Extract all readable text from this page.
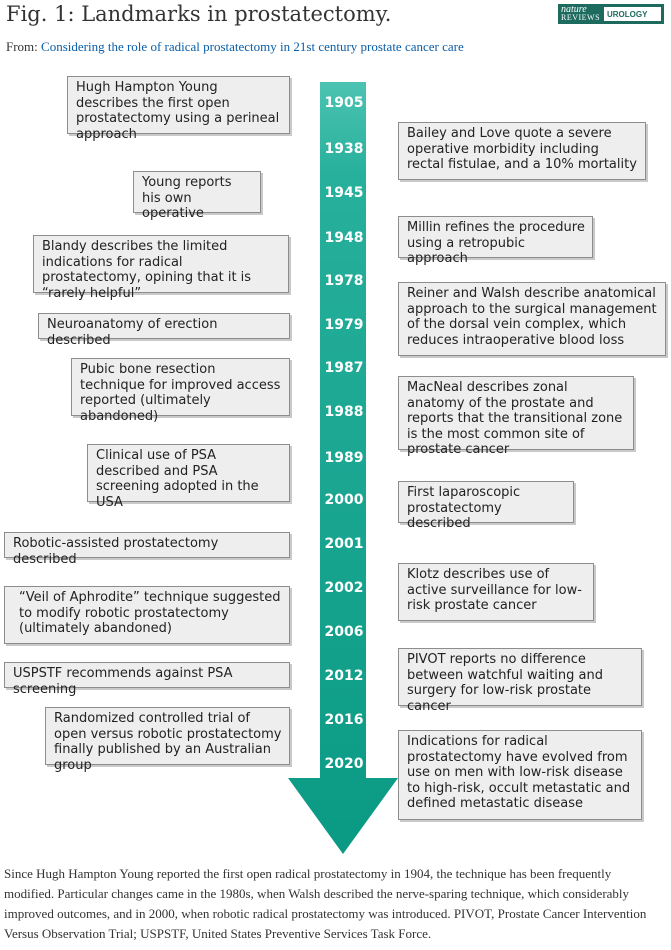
Fig. 1: Landmarks in prostatectomy.	nature
REVIEWS UROLOGY
From: Considering the role of radical prostatectomy in 21st century prostate cancer care
1905
1938
1945
1948
1978
1979
1987
1988
1989
2000
2001
2002
2006
2012
2016
2020
Hugh Hampton Young describes the first open prostatectomy using a perineal approach
Young reports his own operative
Blandy describes the limited indications for radical prostatectomy, opining that it is “rarely helpful”
Neuroanatomy of erection described
Pubic bone resection technique for improved access reported (ultimately abandoned)
Clinical use of PSA described and PSA screening adopted in the USA
Robotic-assisted prostatectomy described
“Veil of Aphrodite” technique suggested to modify robotic prostatectomy (ultimately abandoned)
USPSTF recommends against PSA screening
Randomized controlled trial of open versus robotic prostatectomy finally published by an Australian group
Bailey and Love quote a severe operative morbidity including rectal fistulae, and a 10% mortality
Millin refines the procedure using a retropubic approach
Reiner and Walsh describe anatomical approach to the surgical management of the dorsal vein complex, which reduces intraoperative blood loss
MacNeal describes zonal anatomy of the prostate and reports that the transitional zone is the most common site of prostate cancer
First laparoscopic prostatectomy described
Klotz describes use of active surveillance for low-risk prostate cancer
PIVOT reports no difference between watchful waiting and surgery for low-risk prostate cancer
Indications for radical prostatectomy have evolved from use on men with low-risk disease to high-risk, occult metastatic and defined metastatic disease
Since Hugh Hampton Young reported the first open radical prostatectomy in 1904, the technique has been frequently modified. Particular changes came in the 1980s, when Walsh described the nerve-sparing technique, which considerably improved outcomes, and in 2000, when robotic radical prostatectomy was introduced. PIVOT, Prostate Cancer Intervention Versus Observation Trial; USPSTF, United States Preventive Services Task Force.
